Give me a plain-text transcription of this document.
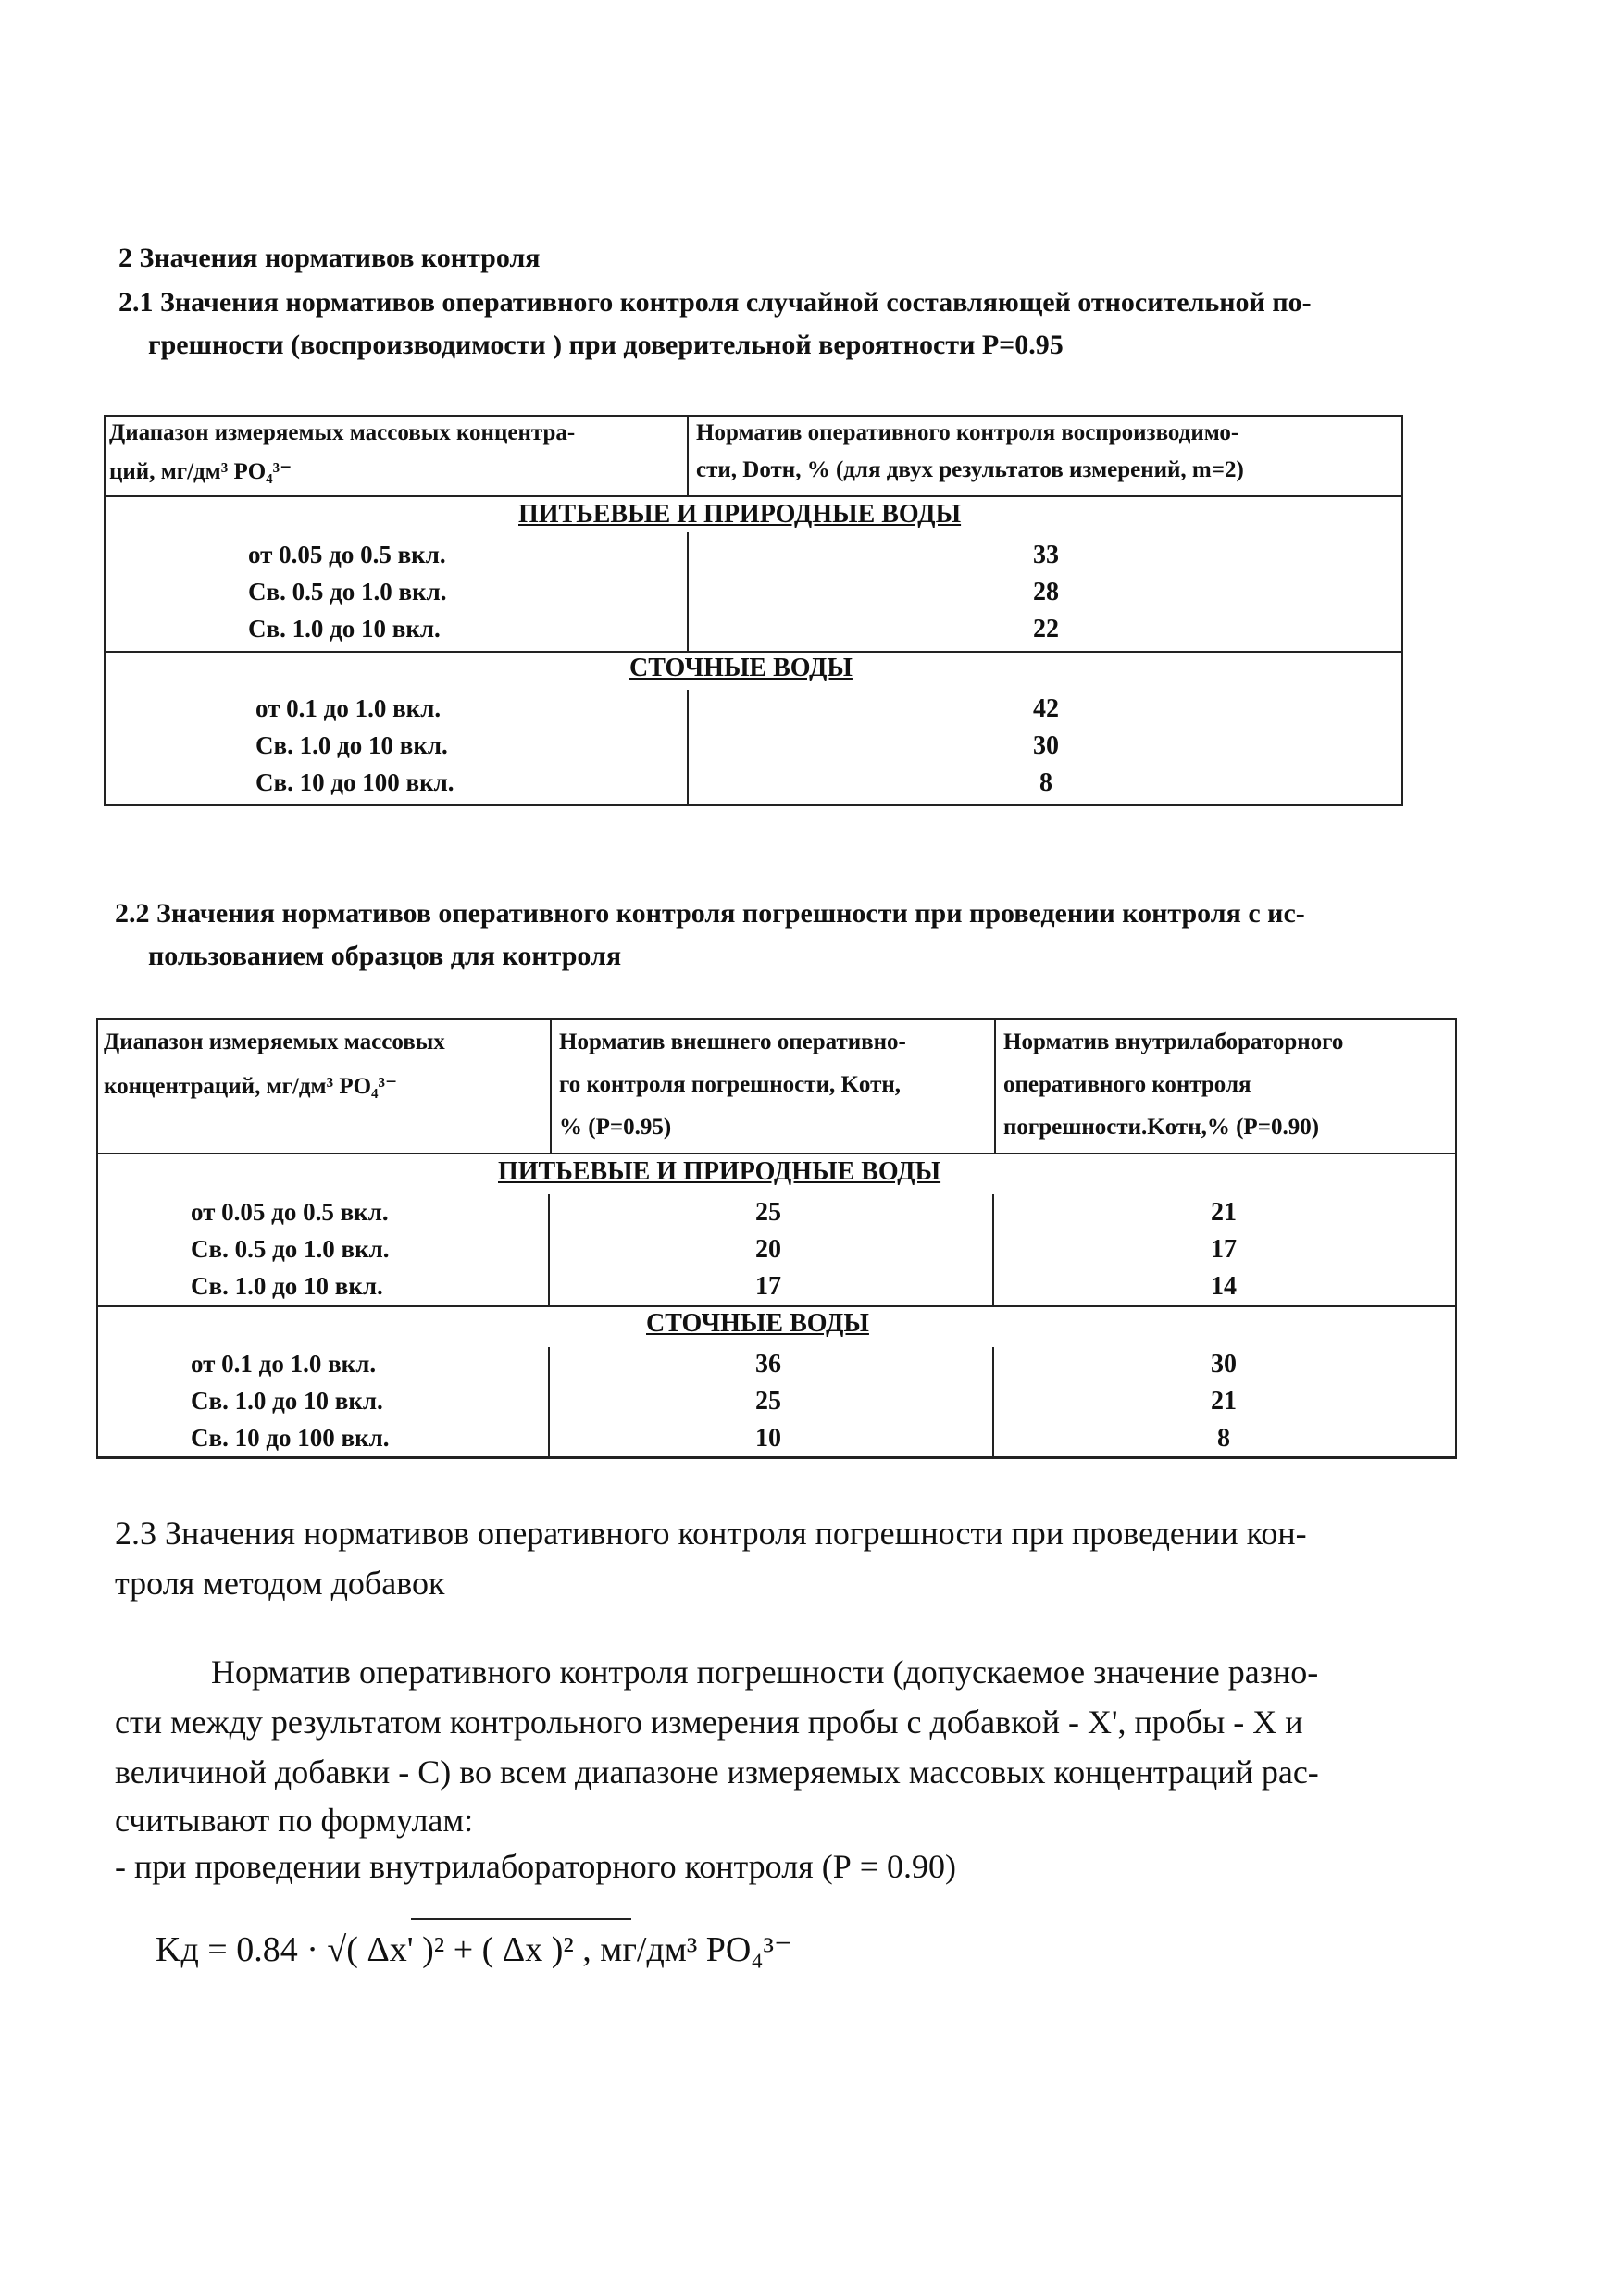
2 Значения нормативов контроля
2.1 Значения нормативов оперативного контроля случайной составляющей относительной по-
грешности (воспроизводимости ) при доверительной вероятности Р=0.95
Диапазон измеряемых массовых концентра-
ций, мг/дм³ PO₄³⁻
Норматив оперативного контроля воспроизводимо-
сти, Dотн, % (для двух результатов измерений, m=2)
ПИТЬЕВЫЕ И ПРИРОДНЫЕ ВОДЫ
от 0.05 до 0.5 вкл.	33
Св. 0.5 до 1.0 вкл.	28
Св. 1.0 до 10 вкл.	22
СТОЧНЫЕ ВОДЫ
от 0.1 до 1.0 вкл.	42
Св. 1.0 до 10 вкл.	30
Св. 10 до 100 вкл.	8
2.2 Значения нормативов оперативного контроля погрешности при проведении контроля с ис-
пользованием образцов для контроля
Диапазон измеряемых массовых
концентраций, мг/дм³ PO₄³⁻
Норматив внешнего оперативно-
го контроля погрешности, Kотн,
% (Р=0.95)
Норматив внутрилабораторного
оперативного контроля
погрешности.Kотн,% (Р=0.90)
ПИТЬЕВЫЕ И ПРИРОДНЫЕ ВОДЫ
от 0.05 до 0.5 вкл.	25	21
Св. 0.5 до 1.0 вкл.	20	17
Св. 1.0 до 10 вкл.	17	14
СТОЧНЫЕ ВОДЫ
от 0.1 до 1.0 вкл.	36	30
Св. 1.0 до 10 вкл.	25	21
Св. 10 до 100 вкл.	10	8
2.3 Значения нормативов оперативного контроля погрешности при проведении кон-
троля методом добавок
Норматив оперативного контроля погрешности (допускаемое значение разно-
сти между результатом контрольного измерения пробы с добавкой - X', пробы - X и
величиной добавки - С) во всем диапазоне измеряемых массовых концентраций рас-
считывают по формулам:
- при проведении внутрилабораторного контроля (Р = 0.90)
Kд = 0.84 · √( Δx' )² + ( Δx )² , мг/дм³ PO₄³⁻
